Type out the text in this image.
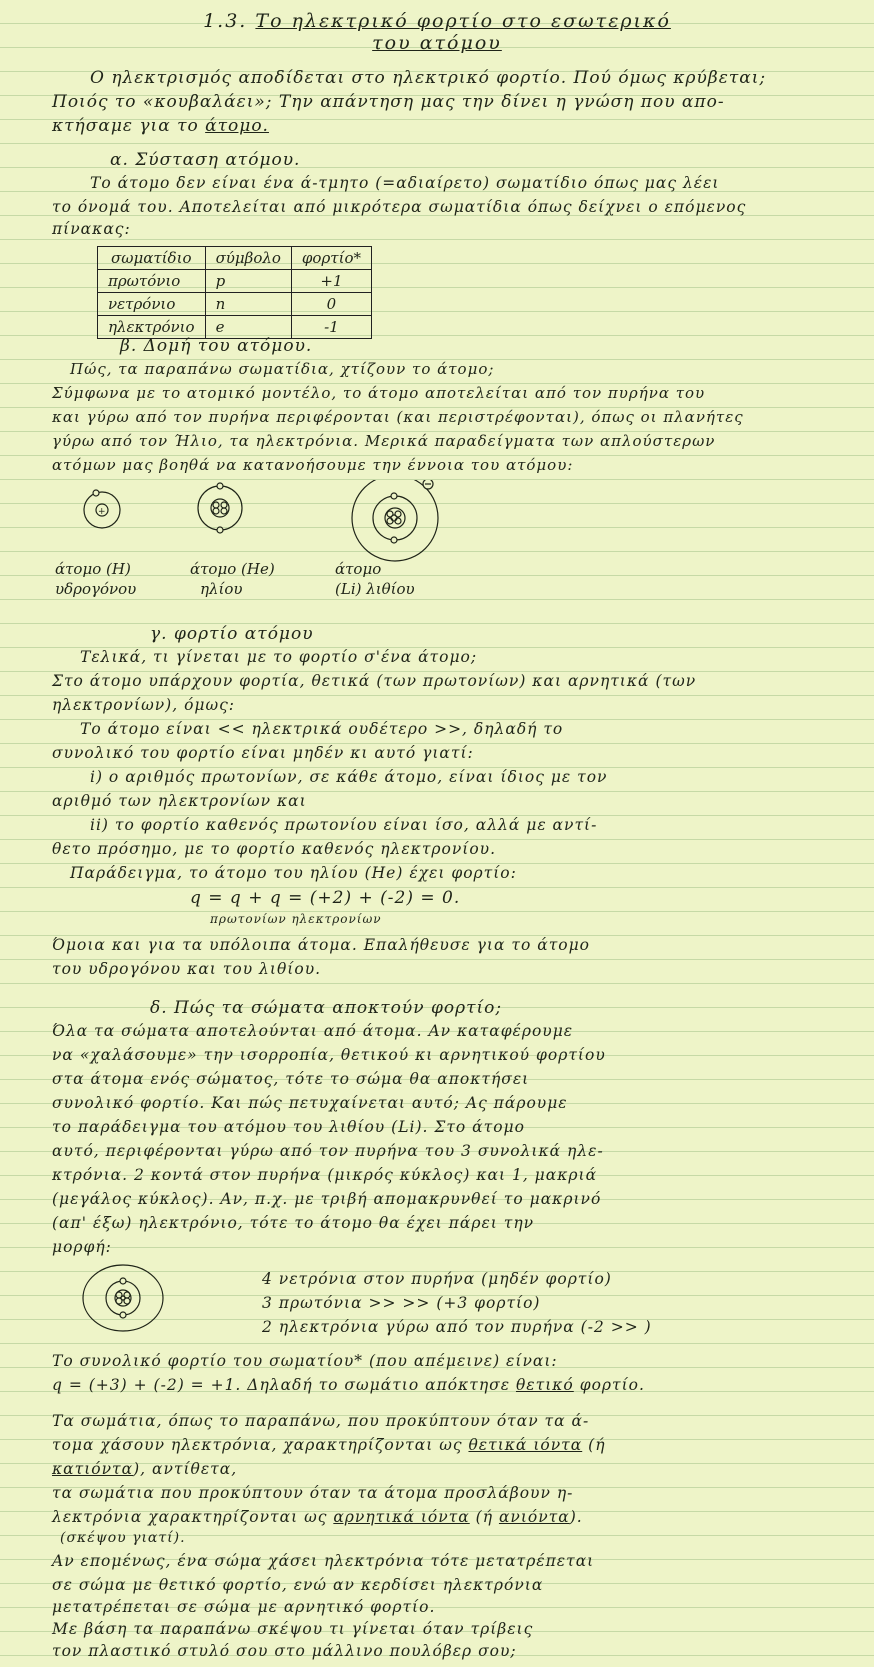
1.3. Το ηλεκτρικό φορτίο στο εσωτερικό
του ατόμου
Ο ηλεκτρισμός αποδίδεται στο ηλεκτρικό φορτίο. Πού όμως κρύβεται;
Ποιός το «κουβαλάει»; Την απάντηση μας την δίνει η γνώση που απο-
κτήσαμε για το άτομο.
α. Σύσταση ατόμου.
Το άτομο δεν είναι ένα ά-τμητο (=αδιαίρετο) σωματίδιο όπως μας λέει
το όνομά του. Αποτελείται από μικρότερα σωματίδια όπως δείχνει ο επόμενος
πίνακας:
σωματίδιο	σύμβολο	φορτίο*
πρωτόνιο	p	+1
νετρόνιο	n	0
ηλεκτρόνιο	e	-1
β. Δομή του ατόμου.
Πώς, τα παραπάνω σωματίδια, χτίζουν το άτομο;
Σύμφωνα με το ατομικό μοντέλο, το άτομο αποτελείται από τον πυρήνα του
και γύρω από τον πυρήνα περιφέρονται (και περιστρέφονται), όπως οι πλανήτες
γύρω από τον Ήλιο, τα ηλεκτρόνια. Μερικά παραδείγματα των απλούστερων
ατόμων μας βοηθά να κατανοήσουμε την έννοια του ατόμου:
+
άτομο (H)
υδρογόνου
άτομο (He)
ηλίου
άτομο
(Li) λιθίου
γ. φορτίο ατόμου
Τελικά, τι γίνεται με το φορτίο σ'ένα άτομο;
Στο άτομο υπάρχουν φορτία, θετικά (των πρωτονίων) και αρνητικά (των
ηλεκτρονίων), όμως:
Το άτομο είναι << ηλεκτρικά ουδέτερο >>, δηλαδή το
συνολικό του φορτίο είναι μηδέν κι αυτό γιατί:
i) ο αριθμός πρωτονίων, σε κάθε άτομο, είναι ίδιος με τον
αριθμό των ηλεκτρονίων και
ii) το φορτίο καθενός πρωτονίου είναι ίσο, αλλά με αντί-
θετο πρόσημο, με το φορτίο καθενός ηλεκτρονίου.
Παράδειγμα, το άτομο του ηλίου (He) έχει φορτίο:
q = q + q = (+2) + (-2) = 0.
πρωτονίων ηλεκτρονίων
Όμοια και για τα υπόλοιπα άτομα. Επαλήθευσε για το άτομο
του υδρογόνου και του λιθίου.
δ. Πώς τα σώματα αποκτούν φορτίο;
Όλα τα σώματα αποτελούνται από άτομα. Αν καταφέρουμε
να «χαλάσουμε» την ισορροπία, θετικού κι αρνητικού φορτίου
στα άτομα ενός σώματος, τότε το σώμα θα αποκτήσει
συνολικό φορτίο. Και πώς πετυχαίνεται αυτό; Ας πάρουμε
το παράδειγμα του ατόμου του λιθίου (Li). Στο άτομο
αυτό, περιφέρονται γύρω από τον πυρήνα του 3 συνολικά ηλε-
κτρόνια. 2 κοντά στον πυρήνα (μικρός κύκλος) και 1, μακριά
(μεγάλος κύκλος). Αν, π.χ. με τριβή απομακρυνθεί το μακρινό
(απ' έξω) ηλεκτρόνιο, τότε το άτομο θα έχει πάρει την
μορφή:
4 νετρόνια στον πυρήνα (μηδέν φορτίο)
3 πρωτόνια >> >> (+3 φορτίο)
2 ηλεκτρόνια γύρω από τον πυρήνα (-2 >> )
Το συνολικό φορτίο του σωματίου* (που απέμεινε) είναι:
q = (+3) + (-2) = +1. Δηλαδή το σωμάτιο απόκτησε θετικό φορτίο.
Τα σωμάτια, όπως το παραπάνω, που προκύπτουν όταν τα ά-
τομα χάσουν ηλεκτρόνια, χαρακτηρίζονται ως θετικά ιόντα (ή
κατιόντα), αντίθετα,
τα σωμάτια που προκύπτουν όταν τα άτομα προσλάβουν η-
λεκτρόνια χαρακτηρίζονται ως αρνητικά ιόντα (ή ανιόντα).
(σκέψου γιατί).
Αν επομένως, ένα σώμα χάσει ηλεκτρόνια τότε μετατρέπεται
σε σώμα με θετικό φορτίο, ενώ αν κερδίσει ηλεκτρόνια
μετατρέπεται σε σώμα με αρνητικό φορτίο.
Με βάση τα παραπάνω σκέψου τι γίνεται όταν τρίβεις
τον πλαστικό στυλό σου στο μάλλινο πουλόβερ σου;
